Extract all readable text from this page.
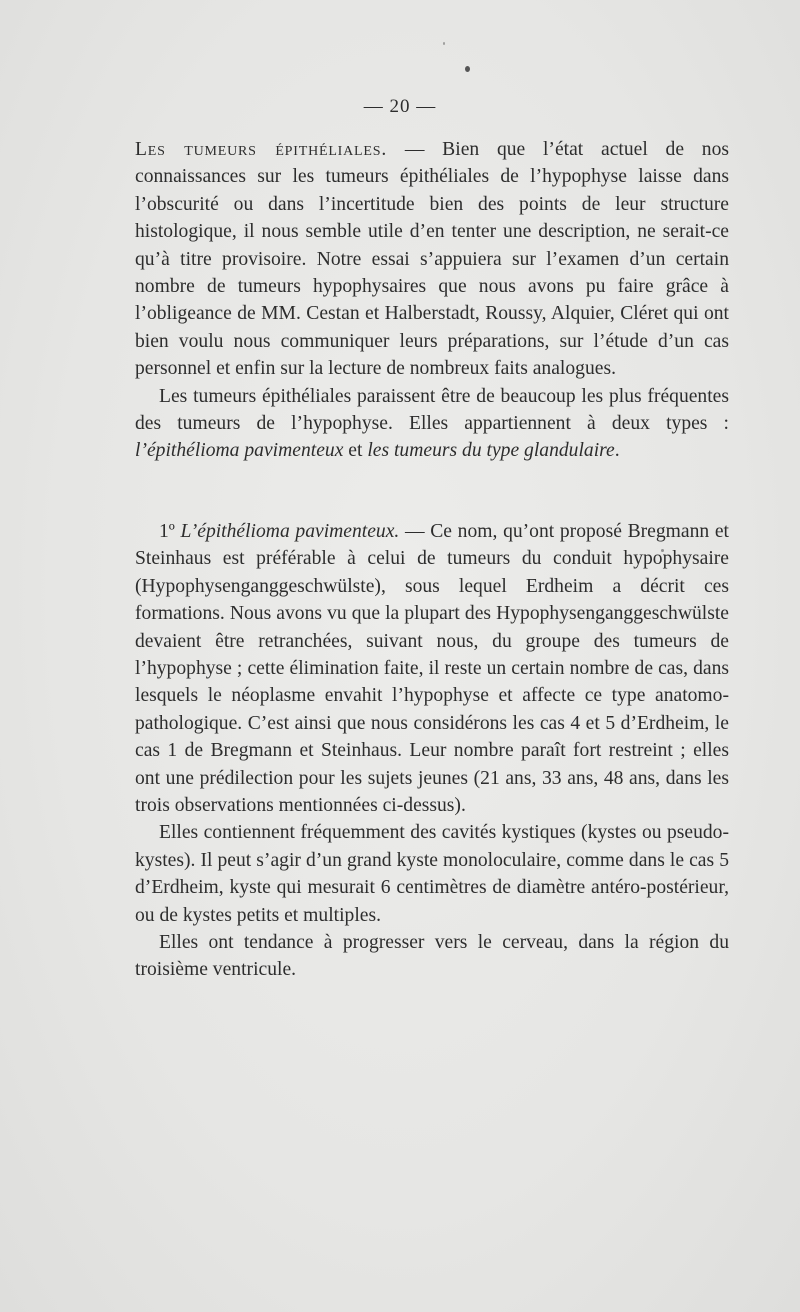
— 20 —

Les tumeurs épithéliales. — Bien que l’état actuel de nos connaissances sur les tumeurs épithéliales de l’hypophyse laisse dans l’obscurité ou dans l’incertitude bien des points de leur structure histologique, il nous semble utile d’en tenter une description, ne serait-ce qu’à titre provisoire. Notre essai s’appuiera sur l’examen d’un certain nombre de tumeurs hypophysaires que nous avons pu faire grâce à l’obligeance de MM. Cestan et Halberstadt, Roussy, Alquier, Cléret qui ont bien voulu nous communiquer leurs préparations, sur l’étude d’un cas personnel et enfin sur la lecture de nombreux faits analogues.

Les tumeurs épithéliales paraissent être de beaucoup les plus fréquentes des tumeurs de l’hypophyse. Elles appartiennent à deux types : l’épithélioma pavimenteux et les tumeurs du type glandulaire.

1º L’épithélioma pavimenteux. — Ce nom, qu’ont proposé Bregmann et Steinhaus est préférable à celui de tumeurs du conduit hypophysaire (Hypophysenganggeschwülste), sous lequel Erdheim a décrit ces formations. Nous avons vu que la plupart des Hypophysenganggeschwülste devaient être retranchées, suivant nous, du groupe des tumeurs de l’hypophyse ; cette élimination faite, il reste un certain nombre de cas, dans lesquels le néoplasme envahit l’hypophyse et affecte ce type anatomo-pathologique. C’est ainsi que nous considérons les cas 4 et 5 d’Erdheim, le cas 1 de Bregmann et Steinhaus. Leur nombre paraît fort restreint ; elles ont une prédilection pour les sujets jeunes (21 ans, 33 ans, 48 ans, dans les trois observations mentionnées ci-dessus).

Elles contiennent fréquemment des cavités kystiques (kystes ou pseudo-kystes). Il peut s’agir d’un grand kyste monoloculaire, comme dans le cas 5 d’Erdheim, kyste qui mesurait 6 centimètres de diamètre antéro-postérieur, ou de kystes petits et multiples.

Elles ont tendance à progresser vers le cerveau, dans la région du troisième ventricule.
